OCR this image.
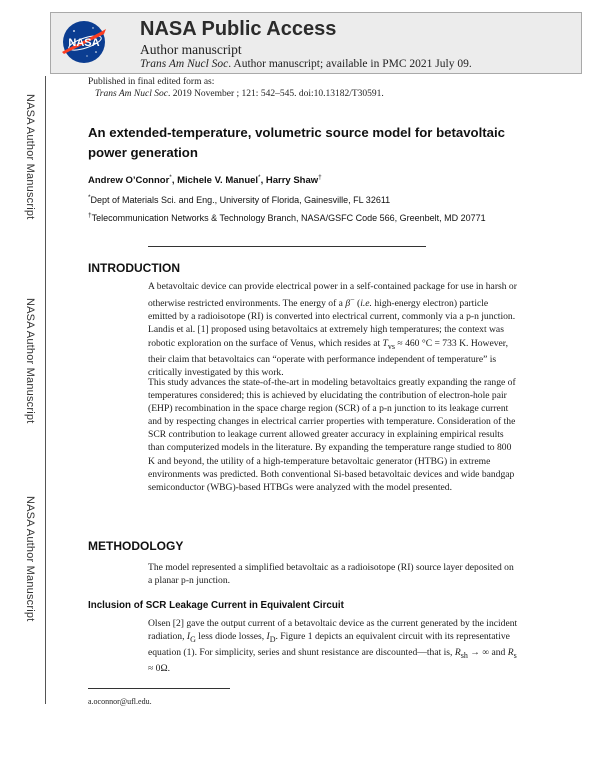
NASA
NASA Public Access
Author manuscript
Trans Am Nucl Soc. Author manuscript; available in PMC 2021 July 09.
Published in final edited form as:
Trans Am Nucl Soc. 2019 November ; 121: 542–545. doi:10.13182/T30591.
NASA Author Manuscript
NASA Author Manuscript
NASA Author Manuscript
An extended-temperature, volumetric source model for betavoltaic power generation
Andrew O’Connor*, Michele V. Manuel*, Harry Shaw†
*Dept of Materials Sci. and Eng., University of Florida, Gainesville, FL 32611
†Telecommunication Networks & Technology Branch, NASA/GSFC Code 566, Greenbelt, MD 20771
INTRODUCTION
A betavoltaic device can provide electrical power in a self-contained package for use in harsh or otherwise restricted environments. The energy of a β− (i.e. high-energy electron) particle emitted by a radioisotope (RI) is converted into electrical current, commonly via a p-n junction. Landis et al. [1] proposed using betavoltaics at extremely high temperatures; the context was robotic exploration on the surface of Venus, which resides at $T_{vs} \approx 460$ °C = 733 K. However, their claim that betavoltaics can “operate with performance independent of temperature” is critically investigated by this work.
This study advances the state-of-the-art in modeling betavoltaics greatly expanding the range of temperatures considered; this is achieved by elucidating the contribution of electron-hole pair (EHP) recombination in the space charge region (SCR) of a p-n junction to its leakage current and by respecting changes in electrical carrier properties with temperature. Consideration of the SCR contribution to leakage current allowed greater accuracy in explaining empirical results than computerized models in the literature. By expanding the temperature range studied to 800 K and beyond, the utility of a high-temperature betavoltaic generator (HTBG) in extreme environments was predicted. Both conventional Si-based betavoltaic devices and wide bandgap semiconductor (WBG)-based HTBGs were analyzed with the model presented.
METHODOLOGY
The model represented a simplified betavoltaic as a radioisotope (RI) source layer deposited on a planar p-n junction.
Inclusion of SCR Leakage Current in Equivalent Circuit
Olsen [2] gave the output current of a betavoltaic device as the current generated by the incident radiation, $I_G$ less diode losses, $I_D$. Figure 1 depicts an equivalent circuit with its representative equation (1). For simplicity, series and shunt resistance are discounted—that is, $R_{sh}$ → ∞ and $R_s \approx 0\Omega$.
a.oconnor@ufl.edu.
